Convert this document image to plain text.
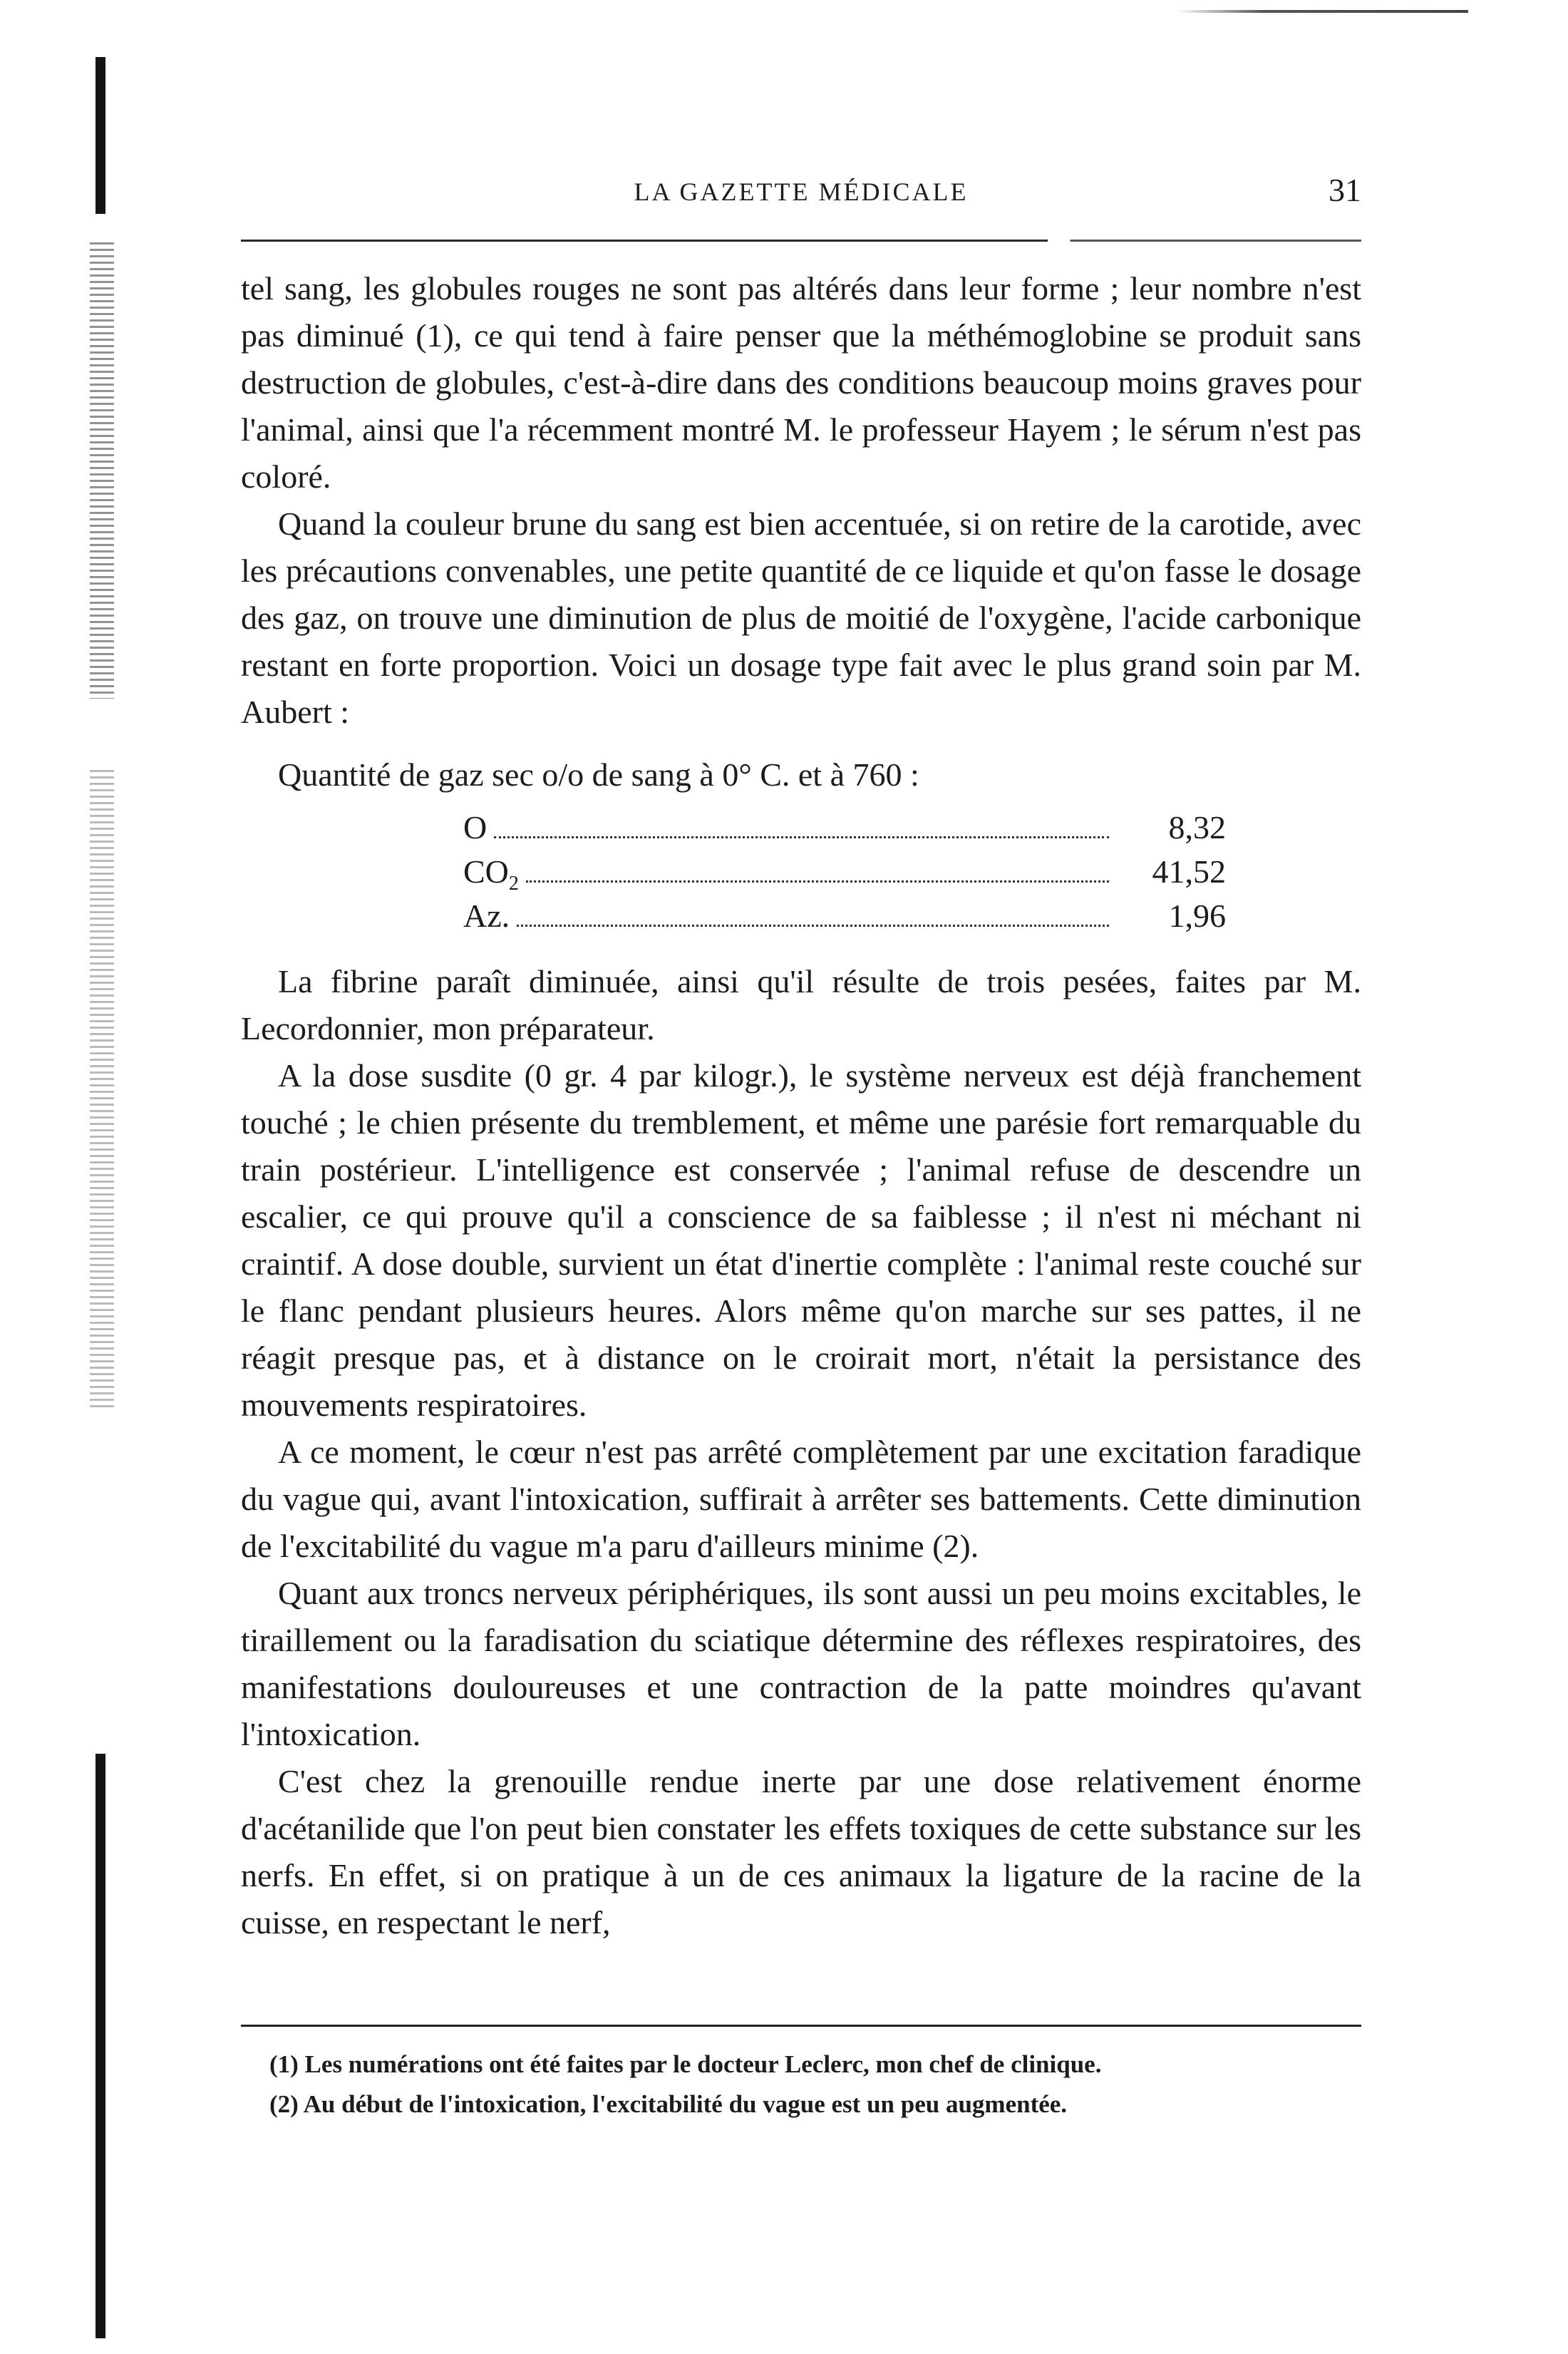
LA GAZETTE MÉDICALE	31

tel sang, les globules rouges ne sont pas altérés dans leur forme ; leur nombre n'est pas diminué (1), ce qui tend à faire penser que la méthémoglobine se produit sans destruction de globules, c'est-à-dire dans des conditions beaucoup moins graves pour l'animal, ainsi que l'a récemment montré M. le professeur Hayem ; le sérum n'est pas coloré.

Quand la couleur brune du sang est bien accentuée, si on retire de la carotide, avec les précautions convenables, une petite quantité de ce liquide et qu'on fasse le dosage des gaz, on trouve une diminution de plus de moitié de l'oxygène, l'acide carbonique restant en forte proportion. Voici un dosage type fait avec le plus grand soin par M. Aubert :

Quantité de gaz sec o/o de sang à 0° C. et à 760 :

O	8,32
$CO_2$	41,52
Az.	1,96

La fibrine paraît diminuée, ainsi qu'il résulte de trois pesées, faites par M. Lecordonnier, mon préparateur.

A la dose susdite (0 gr. 4 par kilogr.), le système nerveux est déjà franchement touché ; le chien présente du tremblement, et même une parésie fort remarquable du train postérieur. L'intelligence est conservée ; l'animal refuse de descendre un escalier, ce qui prouve qu'il a conscience de sa faiblesse ; il n'est ni méchant ni craintif. A dose double, survient un état d'inertie complète : l'animal reste couché sur le flanc pendant plusieurs heures. Alors même qu'on marche sur ses pattes, il ne réagit presque pas, et à distance on le croirait mort, n'était la persistance des mouvements respiratoires.

A ce moment, le cœur n'est pas arrêté complètement par une excitation faradique du vague qui, avant l'intoxication, suffirait à arrêter ses battements. Cette diminution de l'excitabilité du vague m'a paru d'ailleurs minime (2).

Quant aux troncs nerveux périphériques, ils sont aussi un peu moins excitables, le tiraillement ou la faradisation du sciatique détermine des réflexes respiratoires, des manifestations douloureuses et une contraction de la patte moindres qu'avant l'intoxication.

C'est chez la grenouille rendue inerte par une dose relativement énorme d'acétanilide que l'on peut bien constater les effets toxiques de cette substance sur les nerfs. En effet, si on pratique à un de ces animaux la ligature de la racine de la cuisse, en respectant le nerf,

(1) Les numérations ont été faites par le docteur Leclerc, mon chef de clinique.

(2) Au début de l'intoxication, l'excitabilité du vague est un peu augmentée.
